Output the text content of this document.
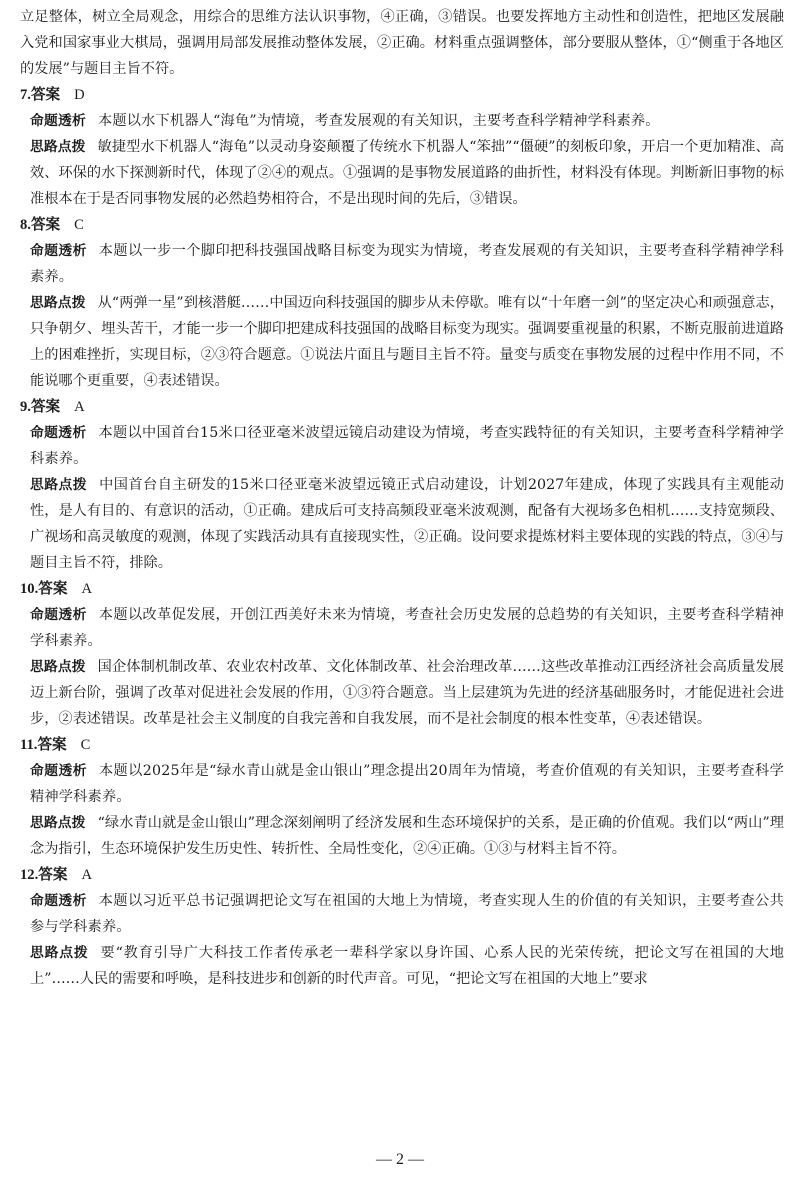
立足整体，树立全局观念，用综合的思维方法认识事物，④正确，③错误。也要发挥地方主动性和创造性，把地区发展融入党和国家事业大棋局，强调用局部发展推动整体发展，②正确。材料重点强调整体，部分要服从整体，①“侧重于各地区的发展”与题目主旨不符。

7.答案 D

命题透析 本题以水下机器人“海龟”为情境，考查发展观的有关知识，主要考查科学精神学科素养。

思路点拨 敏捷型水下机器人“海龟”以灵动身姿颠覆了传统水下机器人“笨拙”“僵硬”的刻板印象，开启一个更加精准、高效、环保的水下探测新时代，体现了②④的观点。①强调的是事物发展道路的曲折性，材料没有体现。判断新旧事物的标准根本在于是否同事物发展的必然趋势相符合，不是出现时间的先后，③错误。

8.答案 C

命题透析 本题以一步一个脚印把科技强国战略目标变为现实为情境，考查发展观的有关知识，主要考查科学精神学科素养。

思路点拨 从“两弹一星”到核潜艇……中国迈向科技强国的脚步从未停歇。唯有以“十年磨一剑”的坚定决心和顽强意志，只争朝夕、埋头苦干，才能一步一个脚印把建成科技强国的战略目标变为现实。强调要重视量的积累，不断克服前进道路上的困难挫折，实现目标，②③符合题意。①说法片面且与题目主旨不符。量变与质变在事物发展的过程中作用不同，不能说哪个更重要，④表述错误。

9.答案 A

命题透析 本题以中国首台15米口径亚毫米波望远镜启动建设为情境，考查实践特征的有关知识，主要考查科学精神学科素养。

思路点拨 中国首台自主研发的15米口径亚毫米波望远镜正式启动建设，计划2027年建成，体现了实践具有主观能动性，是人有目的、有意识的活动，①正确。建成后可支持高频段亚毫米波观测，配备有大视场多色相机……支持宽频段、广视场和高灵敏度的观测，体现了实践活动具有直接现实性，②正确。设问要求提炼材料主要体现的实践的特点，③④与题目主旨不符，排除。

10.答案 A

命题透析 本题以改革促发展，开创江西美好未来为情境，考查社会历史发展的总趋势的有关知识，主要考查科学精神学科素养。

思路点拨 国企体制机制改革、农业农村改革、文化体制改革、社会治理改革……这些改革推动江西经济社会高质量发展迈上新台阶，强调了改革对促进社会发展的作用，①③符合题意。当上层建筑为先进的经济基础服务时，才能促进社会进步，②表述错误。改革是社会主义制度的自我完善和自我发展，而不是社会制度的根本性变革，④表述错误。

11.答案 C

命题透析 本题以2025年是“绿水青山就是金山银山”理念提出20周年为情境，考查价值观的有关知识，主要考查科学精神学科素养。

思路点拨 “绿水青山就是金山银山”理念深刻阐明了经济发展和生态环境保护的关系，是正确的价值观。我们以“两山”理念为指引，生态环境保护发生历史性、转折性、全局性变化，②④正确。①③与材料主旨不符。

12.答案 A

命题透析 本题以习近平总书记强调把论文写在祖国的大地上为情境，考查实现人生的价值的有关知识，主要考查公共参与学科素养。

思路点拨 要“教育引导广大科技工作者传承老一辈科学家以身许国、心系人民的光荣传统，把论文写在祖国的大地上”……人民的需要和呼唤，是科技进步和创新的时代声音。可见，“把论文写在祖国的大地上”要求

— 2 —
